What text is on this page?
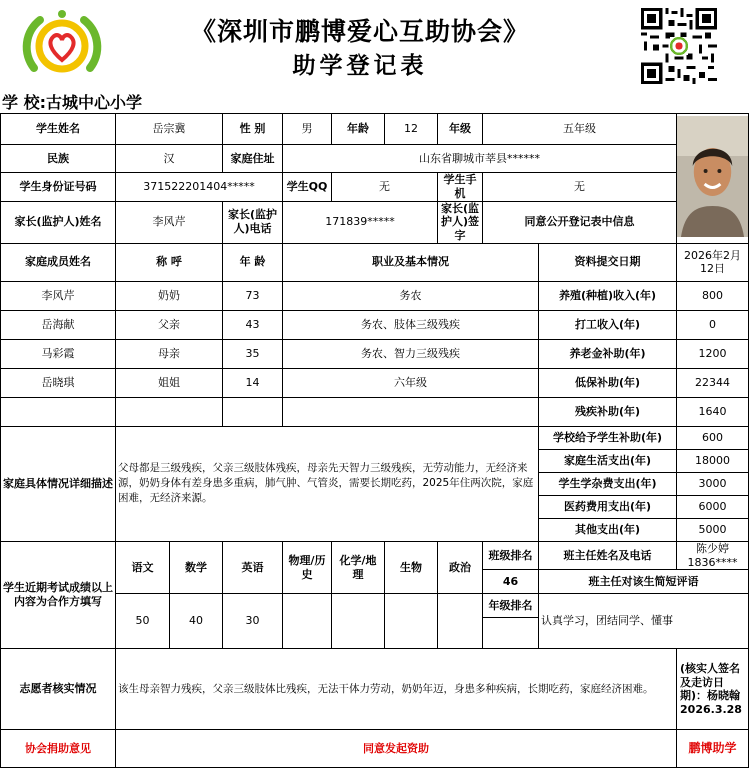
《深圳市鹏博爱心互助协会》
助学登记表
学 校:古城中心小学
学生姓名	岳宗冀		性 别	男	年龄	12	年级	五年级	
民族	汉		家庭住址	山东省聊城市莘县******						
学生身份证号码	371522201404*****			学生QQ	无		学生手机	无		
家长(监护人)姓名	李风芹		家长(监护人)电话	171839*****			家长(监护人)签字	同意公开登记表中信息		
家庭成员姓名	称 呼		年 龄	职业及基本情况					资料提交日期	2026年2月12日
李风芹	奶奶		73	务农					养殖(种植)收入(年)	800
岳海献	父亲		43	务农、肢体三级残疾					打工收入(年)	0
马彩霞	母亲		35	务农、智力三级残疾					养老金补助(年)	1200
岳晓琪	姐姐		14	六年级					低保补助(年)	22344
									残疾补助(年)	1640
家庭具体情况详细描述	父母都是三级残疾，父亲三级肢体残疾，母亲先天智力三级残疾，无劳动能力，无经济来源，奶奶身体有差身患多重病，肺气肿、气管炎，需要长期吃药，2025年住两次院，家庭困难，无经济来源。								学校给予学生补助(年)	600
									家庭生活支出(年)	18000
									学生学杂费支出(年)	3000
									医药费用支出(年)	6000
									其他支出(年)	5000
学生近期考试成绩以上内容为合作方填写	语文	数学	英语	物理/历史	化学/地理	生物	政治	班级排名	班主任姓名及电话	陈少婷1836****
								46	班主任对该生简短评语	
	50	40	30					年级排名	认真学习，团结同学、懂事	

志愿者核实情况	该生母亲智力残疾，父亲三级肢体比残疾，无法干体力劳动，奶奶年迈，身患多种疾病，长期吃药，家庭经济困难。									(核实人签名及走访日期)：杨晓翰 2026.3.28
协会捐助意见	同意发起资助									鹏博助学
